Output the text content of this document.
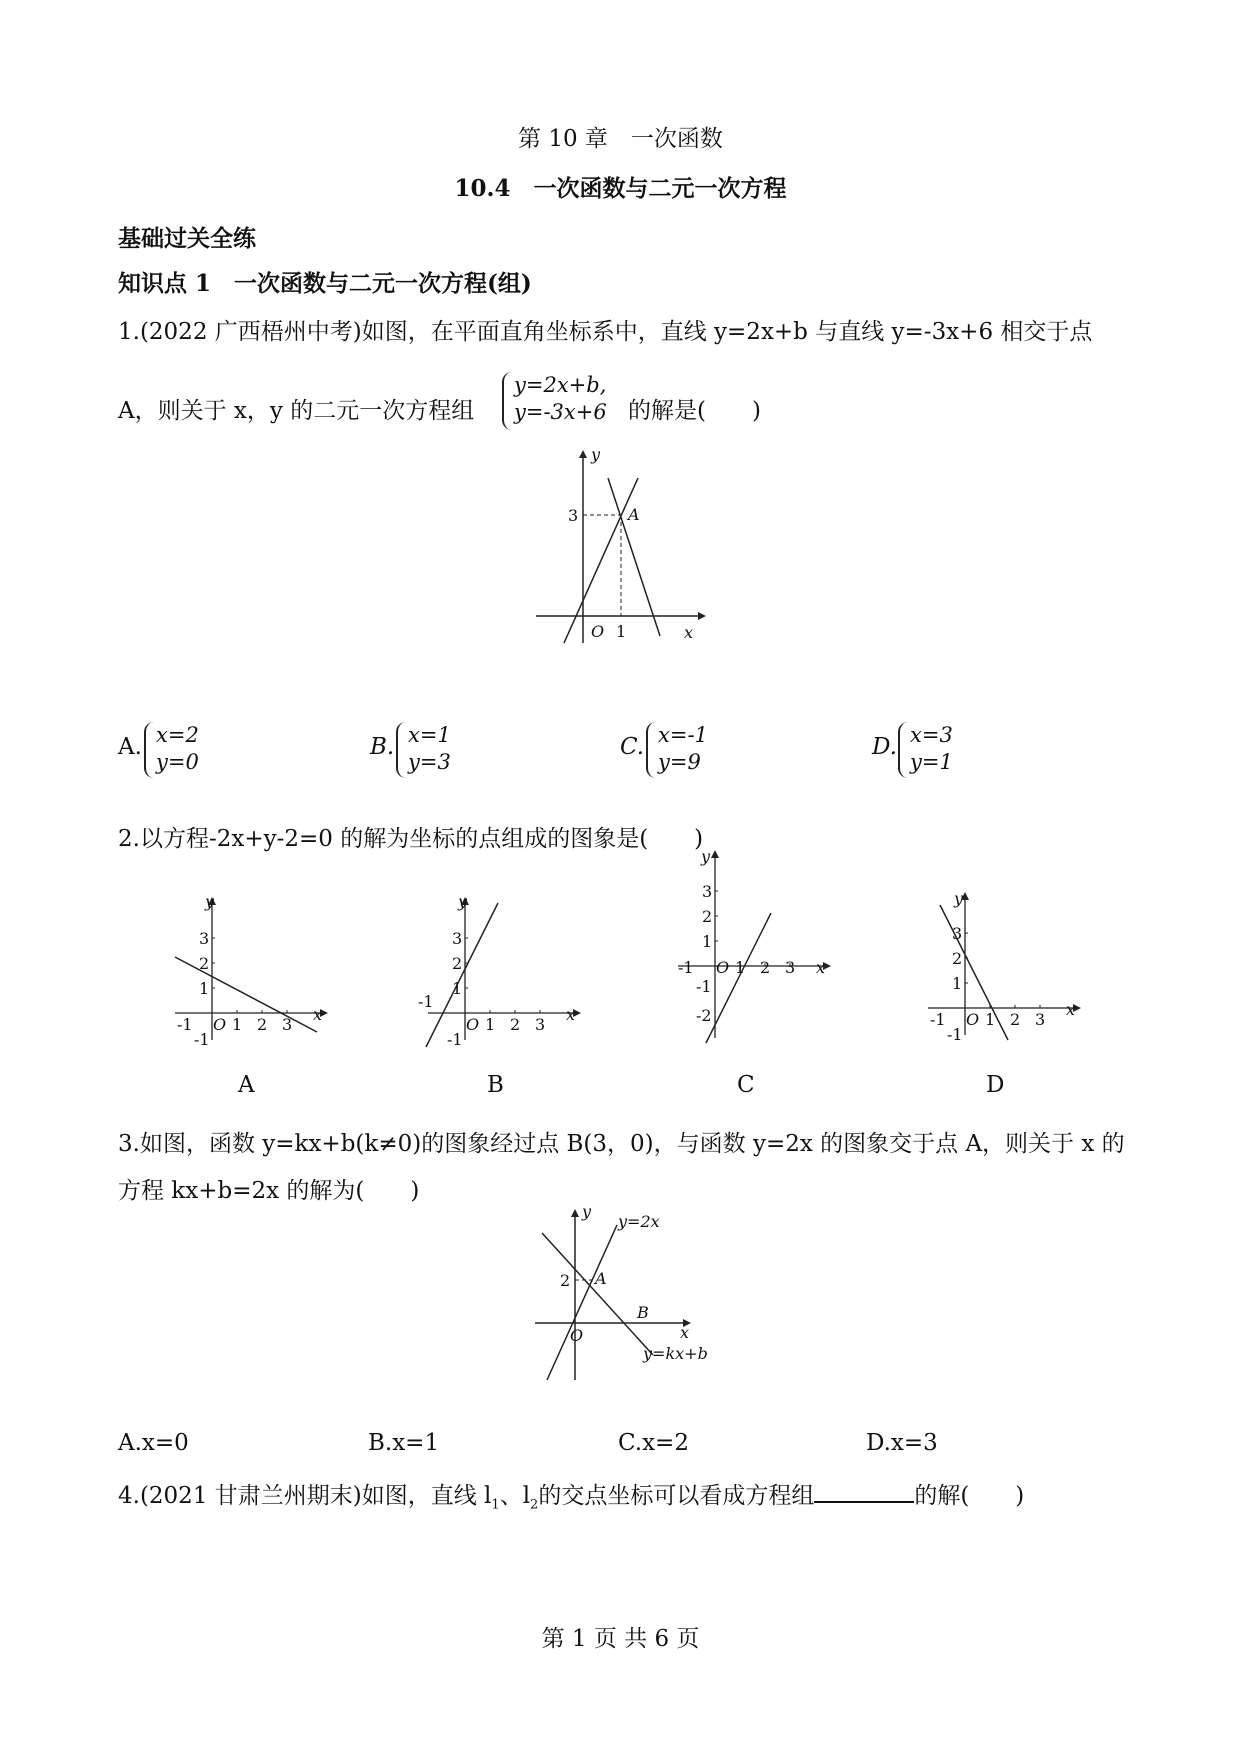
第 10 章　一次函数
10.4　一次函数与二元一次方程
基础过关全练
知识点 1　一次函数与二元一次方程(组)
1.(2022 广西梧州中考)如图，在平面直角坐标系中，直线 y=2x+b 与直线 y=-3x+6 相交于点
A，则关于 x，y 的二元一次方程组
y=2x+b,
y=-3x+6 的解是(　　)
y
x
O
3
1
A
A. x=2
y=0
B. x=1
y=3
C. x=-1
y=9
D. x=3
y=1
2.以方程-2x+y-2=0 的解为坐标的点组成的图象是(　　)
y
x
O
-1 1 2 3
1
2
3
-1
y
x
O
-1
1 2 3
1
2
3
-1
y
x
O
-1	1 2 3
1
2
3
-1
-2
y
x
O
-1 1 2 3
1
2
3
-1
A	B	C	D
3.如图，函数 y=kx+b(k≠0)的图象经过点 B(3，0)，与函数 y=2x 的图象交于点 A，则关于 x 的
方程 kx+b=2x 的解为(　　)
y
x
O
2 A
B
y=2x
y=kx+b
A.x=0	B.x=1	C.x=2	D.x=3
4.(2021 甘肃兰州期末)如图，直线 $l_1$、$l_2$的交点坐标可以看成方程组	的解(　　)
第 1 页 共 6 页
